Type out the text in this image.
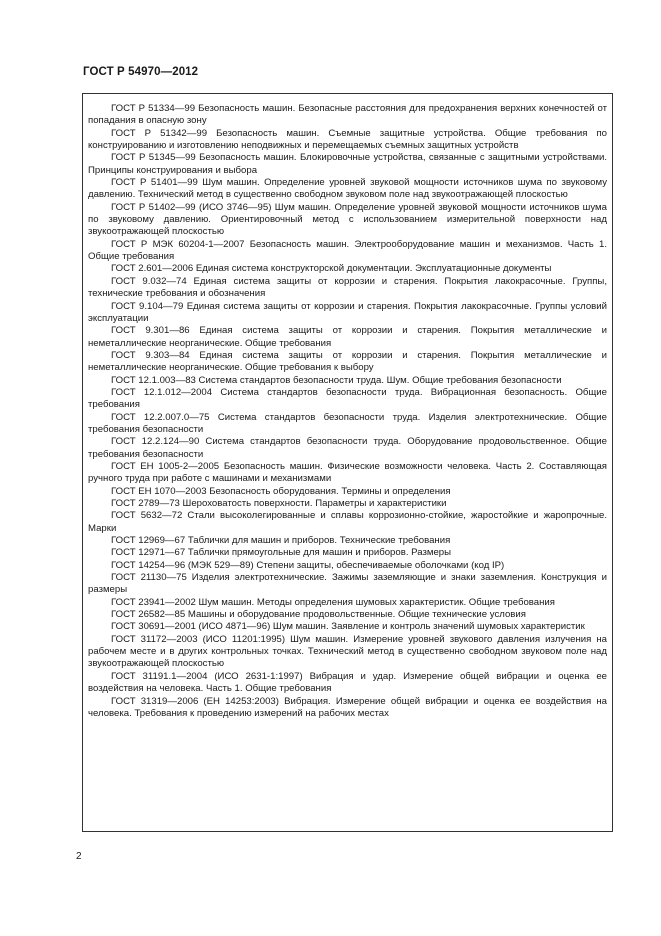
ГОСТ Р 54970—2012
ГОСТ Р 51334—99 Безопасность машин. Безопасные расстояния для предохранения верхних конечностей от попадания в опасную зону
ГОСТ Р 51342—99 Безопасность машин. Съемные защитные устройства. Общие требования по конструированию и изготовлению неподвижных и перемещаемых съемных защитных устройств
ГОСТ Р 51345—99 Безопасность машин. Блокировочные устройства, связанные с защитными устройствами. Принципы конструирования и выбора
ГОСТ Р 51401—99 Шум машин. Определение уровней звуковой мощности источников шума по звуковому давлению. Технический метод в существенно свободном звуковом поле над звукоотражающей плоскостью
ГОСТ Р 51402—99 (ИСО 3746—95) Шум машин. Определение уровней звуковой мощности источников шума по звуковому давлению. Ориентировочный метод с использованием измерительной поверхности над звукоотражающей плоскостью
ГОСТ Р МЭК 60204-1—2007 Безопасность машин. Электрооборудование машин и механизмов. Часть 1. Общие требования
ГОСТ 2.601—2006 Единая система конструкторской документации. Эксплуатационные документы
ГОСТ 9.032—74 Единая система защиты от коррозии и старения. Покрытия лакокрасочные. Группы, технические требования и обозначения
ГОСТ 9.104—79 Единая система защиты от коррозии и старения. Покрытия лакокрасочные. Группы условий эксплуатации
ГОСТ 9.301—86 Единая система защиты от коррозии и старения. Покрытия металлические и неметаллические неорганические. Общие требования
ГОСТ 9.303—84 Единая система защиты от коррозии и старения. Покрытия металлические и неметаллические неорганические. Общие требования к выбору
ГОСТ 12.1.003—83 Система стандартов безопасности труда. Шум. Общие требования безопасности
ГОСТ 12.1.012—2004 Система стандартов безопасности труда. Вибрационная безопасность. Общие требования
ГОСТ 12.2.007.0—75 Система стандартов безопасности труда. Изделия электротехнические. Общие требования безопасности
ГОСТ 12.2.124—90 Система стандартов безопасности труда. Оборудование продовольственное. Общие требования безопасности
ГОСТ ЕН 1005-2—2005 Безопасность машин. Физические возможности человека. Часть 2. Составляющая ручного труда при работе с машинами и механизмами
ГОСТ ЕН 1070—2003 Безопасность оборудования. Термины и определения
ГОСТ 2789—73 Шероховатость поверхности. Параметры и характеристики
ГОСТ 5632—72 Стали высоколегированные и сплавы коррозионно-стойкие, жаростойкие и жаропрочные. Марки
ГОСТ 12969—67 Таблички для машин и приборов. Технические требования
ГОСТ 12971—67 Таблички прямоугольные для машин и приборов. Размеры
ГОСТ 14254—96 (МЭК 529—89) Степени защиты, обеспечиваемые оболочками (код IP)
ГОСТ 21130—75 Изделия электротехнические. Зажимы заземляющие и знаки заземления. Конструкция и размеры
ГОСТ 23941—2002 Шум машин. Методы определения шумовых характеристик. Общие требования
ГОСТ 26582—85 Машины и оборудование продовольственные. Общие технические условия
ГОСТ 30691—2001 (ИСО 4871—96) Шум машин. Заявление и контроль значений шумовых характеристик
ГОСТ 31172—2003 (ИСО 11201:1995) Шум машин. Измерение уровней звукового давления излучения на рабочем месте и в других контрольных точках. Технический метод в существенно свободном звуковом поле над звукоотражающей плоскостью
ГОСТ 31191.1—2004 (ИСО 2631-1:1997) Вибрация и удар. Измерение общей вибрации и оценка ее воздействия на человека. Часть 1. Общие требования
ГОСТ 31319—2006 (ЕН 14253:2003) Вибрация. Измерение общей вибрации и оценка ее воздействия на человека. Требования к проведению измерений на рабочих местах
2
